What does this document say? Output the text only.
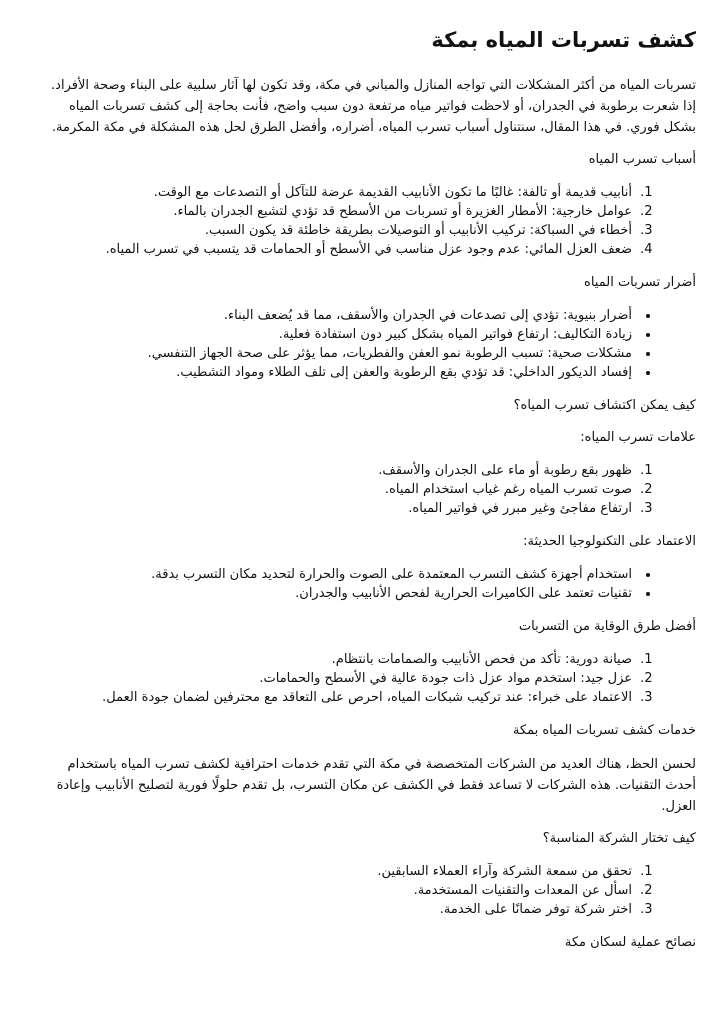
كشف تسربات المياه بمكة

تسربات المياه من أكثر المشكلات التي تواجه المنازل والمباني في مكة، وقد تكون لها آثار سلبية على البناء وصحة الأفراد.
إذا شعرت برطوبة في الجدران، أو لاحظت فواتير مياه مرتفعة دون سبب واضح، فأنت بحاجة إلى كشف تسربات المياه
بشكل فوري. في هذا المقال، سنتناول أسباب تسرب المياه، أضراره، وأفضل الطرق لحل هذه المشكلة في مكة المكرمة.

أسباب تسرب المياه

1. أنابيب قديمة أو تالفة: غالبًا ما تكون الأنابيب القديمة عرضة للتآكل أو التصدعات مع الوقت.
2. عوامل خارجية: الأمطار الغزيرة أو تسربات من الأسطح قد تؤدي لتشبع الجدران بالماء.
3. أخطاء في السباكة: تركيب الأنابيب أو التوصيلات بطريقة خاطئة قد يكون السبب.
4. ضعف العزل المائي: عدم وجود عزل مناسب في الأسطح أو الحمامات قد يتسبب في تسرب المياه.

أضرار تسربات المياه

• أضرار بنيوية: تؤدي إلى تصدعات في الجدران والأسقف، مما قد يُضعف البناء.
• زيادة التكاليف: ارتفاع فواتير المياه بشكل كبير دون استفادة فعلية.
• مشكلات صحية: تسبب الرطوبة نمو العفن والفطريات، مما يؤثر على صحة الجهاز التنفسي.
• إفساد الديكور الداخلي: قد تؤدي بقع الرطوبة والعفن إلى تلف الطلاء ومواد التشطيب.

كيف يمكن اكتشاف تسرب المياه؟

علامات تسرب المياه:

1. ظهور بقع رطوبة أو ماء على الجدران والأسقف.
2. صوت تسرب المياه رغم غياب استخدام المياه.
3. ارتفاع مفاجئ وغير مبرر في فواتير المياه.

الاعتماد على التكنولوجيا الحديثة:

• استخدام أجهزة كشف التسرب المعتمدة على الصوت والحرارة لتحديد مكان التسرب بدقة.
• تقنيات تعتمد على الكاميرات الحرارية لفحص الأنابيب والجدران.

أفضل طرق الوقاية من التسربات

1. صيانة دورية: تأكد من فحص الأنابيب والصمامات بانتظام.
2. عزل جيد: استخدم مواد عزل ذات جودة عالية في الأسطح والحمامات.
3. الاعتماد على خبراء: عند تركيب شبكات المياه، احرص على التعاقد مع محترفين لضمان جودة العمل.

خدمات كشف تسربات المياه بمكة

لحسن الحظ، هناك العديد من الشركات المتخصصة في مكة التي تقدم خدمات احترافية لكشف تسرب المياه باستخدام
أحدث التقنيات. هذه الشركات لا تساعد فقط في الكشف عن مكان التسرب، بل تقدم حلولًا فورية لتصليح الأنابيب وإعادة
العزل.

كيف تختار الشركة المناسبة؟

1. تحقق من سمعة الشركة وآراء العملاء السابقين.
2. اسأل عن المعدات والتقنيات المستخدمة.
3. اختر شركة توفر ضمانًا على الخدمة.

نصائح عملية لسكان مكة
